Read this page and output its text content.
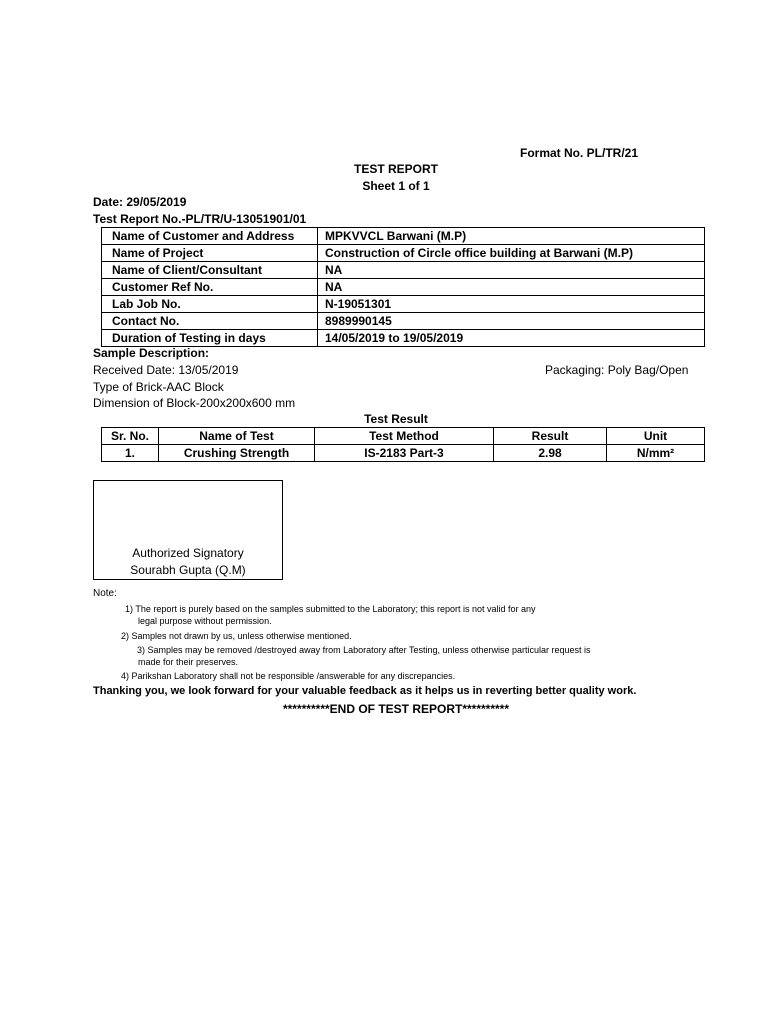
Format No. PL/TR/21
TEST REPORT
Sheet 1 of 1
Date: 29/05/2019
Test Report No.-PL/TR/U-13051901/01
Name of Customer and Address	MPKVVCL Barwani (M.P)
Name of Project	Construction of Circle office building at Barwani (M.P)
Name of Client/Consultant	NA
Customer Ref No.	NA
Lab Job No.	N-19051301
Contact No.	8989990145
Duration of Testing in days	14/05/2019 to 19/05/2019
Sample Description:
Received Date: 13/05/2019	Packaging: Poly Bag/Open
Type of Brick-AAC Block
Dimension of Block-200x200x600 mm
Test Result
Sr. No.	Name of Test	Test Method	Result	Unit
1.	Crushing Strength	IS-2183 Part-3	2.98	N/mm²
Authorized Signatory
Sourabh Gupta (Q.M)
Note:
1) The report is purely based on the samples submitted to the Laboratory; this report is not valid for any
legal purpose without permission.
2) Samples not drawn by us, unless otherwise mentioned.
3) Samples may be removed /destroyed away from Laboratory after Testing, unless otherwise particular request is
made for their preserves.
4) Parikshan Laboratory shall not be responsible /answerable for any discrepancies.
Thanking you, we look forward for your valuable feedback as it helps us in reverting better quality work.
**********END OF TEST REPORT**********
